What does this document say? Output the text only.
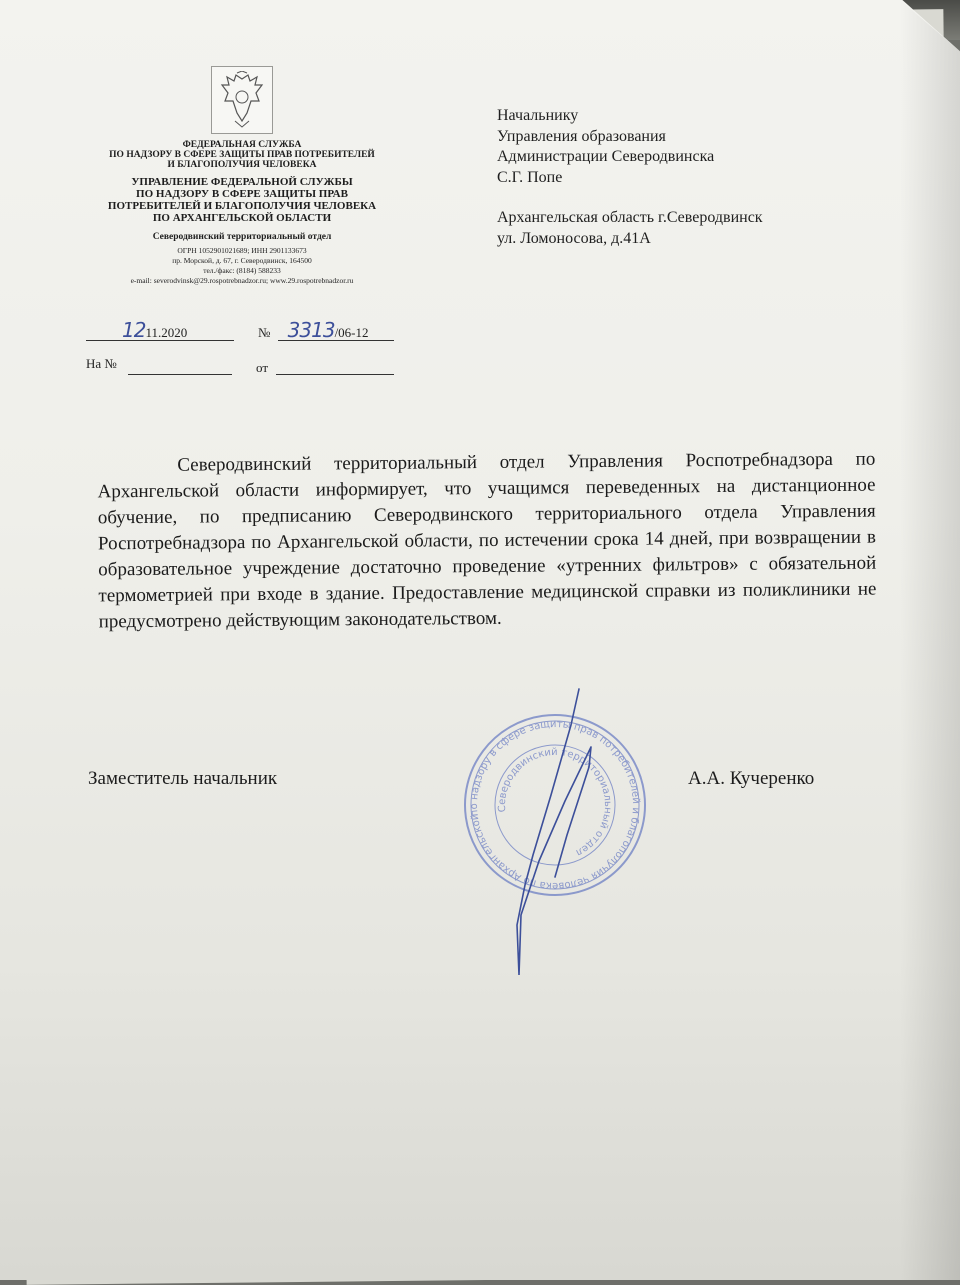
ФЕДЕРАЛЬНАЯ СЛУЖБА
ПО НАДЗОРУ В СФЕРЕ ЗАЩИТЫ ПРАВ ПОТРЕБИТЕЛЕЙ
И БЛАГОПОЛУЧИЯ ЧЕЛОВЕКА
УПРАВЛЕНИЕ ФЕДЕРАЛЬНОЙ СЛУЖБЫ
ПО НАДЗОРУ В СФЕРЕ ЗАЩИТЫ ПРАВ
ПОТРЕБИТЕЛЕЙ И БЛАГОПОЛУЧИЯ ЧЕЛОВЕКА
ПО АРХАНГЕЛЬСКОЙ ОБЛАСТИ
Северодвинский территориальный отдел
ОГРН 1052901021689; ИНН 2901133673
пр. Морской, д. 67, г. Северодвинск, 164500
тел./факс: (8184) 588233
e-mail: severodvinsk@29.rospotrebnadzor.ru; www.29.rospotrebnadzor.ru
1211.2020	№ 3313/06-12
На №	от
Начальнику
Управления образования
Администрации Северодвинска
С.Г. Попе
Архангельская область г.Северодвинск
ул. Ломоносова, д.41А
Северодвинский территориальный отдел Управления Роспотребнадзора по Архангельской области информирует, что учащимся переведенных на дистанционное обучение, по предписанию Северодвинского территориального отдела Управления Роспотребнадзора по Архангельской области, по истечении срока 14 дней, при возвращении в образовательное учреждение достаточно проведение «утренних фильтров» с обязательной термометрией при входе в здание. Предоставление медицинской справки из поликлиники не предусмотрено действующим законодательством.
Заместитель начальник	А.А. Кучеренко
по надзору в сфере защиты прав потребителей и благополучия человека по Архангельской
Северодвинский территориальный отдел
